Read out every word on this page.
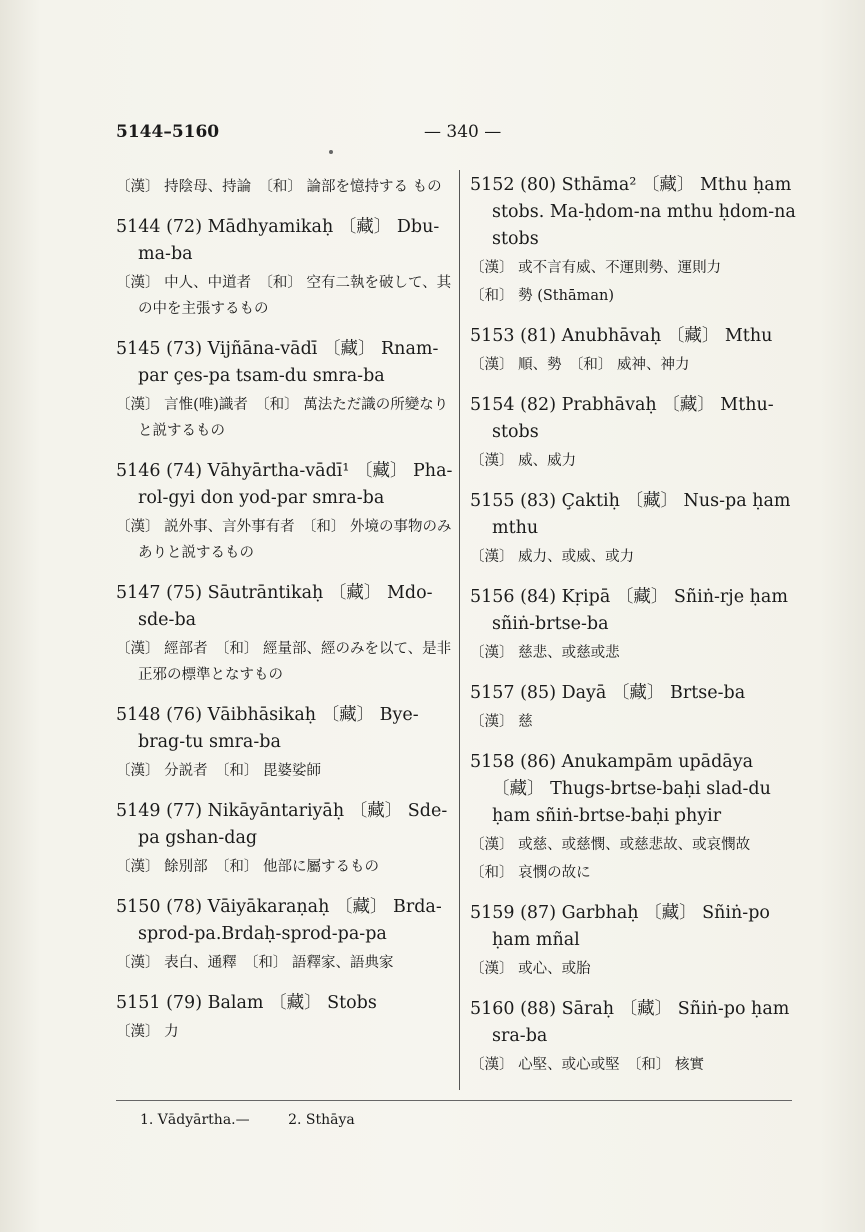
5144–5160	— 340 —
〔漢〕 持陰母、持論　〔和〕 論部を憶持する もの
5144 (72) Mādhyamikaḥ 〔藏〕 Dbu-ma-ba
〔漢〕 中人、中道者　〔和〕 空有二執を破して、其の中を主張するもの
5145 (73) Vijñāna-vādī 〔藏〕 Rnam-par çes-pa tsam-du smra-ba
〔漢〕 言惟(唯)識者　〔和〕 萬法ただ識の所變なりと説するもの
5146 (74) Vāhyārtha-vādī¹ 〔藏〕 Pha-rol-gyi don yod-par smra-ba
〔漢〕 説外事、言外事有者　〔和〕 外境の事物のみありと説するもの
5147 (75) Sāutrāntikaḥ 〔藏〕 Mdo-sde-ba
〔漢〕 經部者　〔和〕 經量部、經のみを以て、是非正邪の標準となすもの
5148 (76) Vāibhāsikaḥ 〔藏〕 Bye-brag-tu smra-ba
〔漢〕 分説者　〔和〕 毘婆娑師
5149 (77) Nikāyāntariyāḥ 〔藏〕 Sde-pa gshan-dag
〔漢〕 餘別部　〔和〕 他部に屬するもの
5150 (78) Vāiyākaraṇaḥ 〔藏〕 Brda-sprod-pa.Brdaḥ-sprod-pa-pa
〔漢〕 表白、通釋　〔和〕 語釋家、語典家
5151 (79) Balam 〔藏〕 Stobs
〔漢〕 力
5152 (80) Sthāma² 〔藏〕 Mthu ḥam stobs. Ma-ḥdom-na mthu ḥdom-na stobs
〔漢〕 或不言有威、不運則勢、運則力
〔和〕 勢 (Sthāman)
5153 (81) Anubhāvaḥ 〔藏〕 Mthu
〔漢〕 順、勢　〔和〕 威神、神力
5154 (82) Prabhāvaḥ 〔藏〕 Mthu-stobs
〔漢〕 威、威力
5155 (83) Çaktiḥ 〔藏〕 Nus-pa ḥam mthu
〔漢〕 威力、或威、或力
5156 (84) Kṛipā 〔藏〕 Sñiṅ-rje ḥam sñiṅ-brtse-ba
〔漢〕 慈悲、或慈或悲
5157 (85) Dayā 〔藏〕 Brtse-ba
〔漢〕 慈
5158 (86) Anukampām upādāya 〔藏〕 Thugs-brtse-baḥi slad-du ḥam sñiṅ-brtse-baḥi phyir
〔漢〕 或慈、或慈憫、或慈悲故、或哀憫故
〔和〕 哀憫の故に
5159 (87) Garbhaḥ 〔藏〕 Sñiṅ-po ḥam mñal
〔漢〕 或心、或胎
5160 (88) Sāraḥ 〔藏〕 Sñiṅ-po ḥam sra-ba
〔漢〕 心堅、或心或堅　〔和〕 核實
1. Vādyārtha.—	2. Sthāya
